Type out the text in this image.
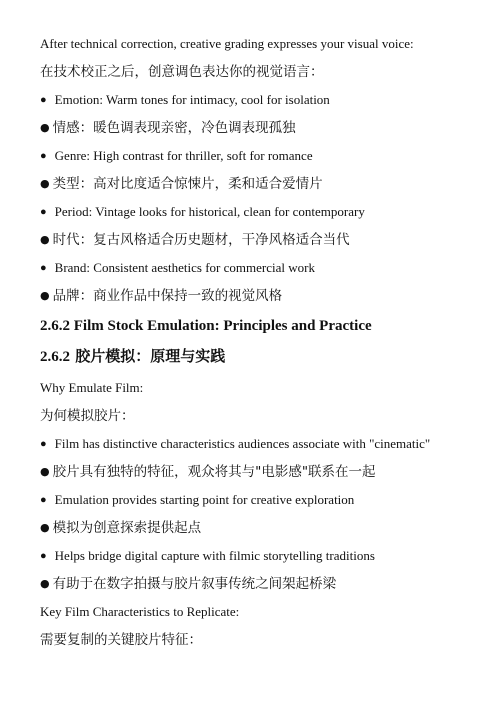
After technical correction, creative grading expresses your visual voice:
在技术校正之后，创意调色表达你的视觉语言：
● Emotion: Warm tones for intimacy, cool for isolation
● 情感：暖色调表现亲密，冷色调表现孤独
● Genre: High contrast for thriller, soft for romance
● 类型：高对比度适合惊悚片，柔和适合爱情片
● Period: Vintage looks for historical, clean for contemporary
● 时代：复古风格适合历史题材，干净风格适合当代
● Brand: Consistent aesthetics for commercial work
● 品牌：商业作品中保持一致的视觉风格
2.6.2 Film Stock Emulation: Principles and Practice
2.6.2 胶片模拟：原理与实践
Why Emulate Film:
为何模拟胶片：
● Film has distinctive characteristics audiences associate with "cinematic"
● 胶片具有独特的特征，观众将其与"电影感"联系在一起
● Emulation provides starting point for creative exploration
● 模拟为创意探索提供起点
● Helps bridge digital capture with filmic storytelling traditions
● 有助于在数字拍摄与胶片叙事传统之间架起桥梁
Key Film Characteristics to Replicate:
需要复制的关键胶片特征：
